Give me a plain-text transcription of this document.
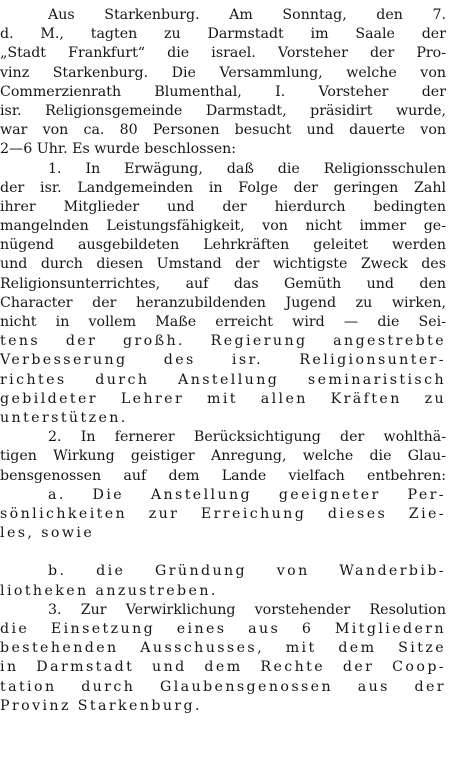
Aus Starkenburg. Am Sonntag, den 7.
d. M., tagten zu Darmstadt im Saale der
„Stadt Frankfurt“ die israel. Vorsteher der Pro-
vinz Starkenburg. Die Versammlung, welche von
Commerzienrath Blumenthal, I. Vorsteher der
isr. Religionsgemeinde Darmstadt, präsidirt wurde,
war von ca. 80 Personen besucht und dauerte von
2—6 Uhr. Es wurde beschlossen:
1. In Erwägung, daß die Religionsschulen
der isr. Landgemeinden in Folge der geringen Zahl
ihrer Mitglieder und der hierdurch bedingten
mangelnden Leistungsfähigkeit, von nicht immer ge-
nügend ausgebildeten Lehrkräften geleitet werden
und durch diesen Umstand der wichtigste Zweck des
Religionsunterrichtes, auf das Gemüth und den
Character der heranzubildenden Jugend zu wirken,
nicht in vollem Maße erreicht wird — die Sei-
tens der großh. Regierung angestrebte
Verbesserung des isr. Religionsunter-
richtes durch Anstellung seminaristisch
gebildeter Lehrer mit allen Kräften zu
unterstützen.
2. In fernerer Berücksichtigung der wohlthä-
tigen Wirkung geistiger Anregung, welche die Glau-
bensgenossen auf dem Lande vielfach entbehren:
a. Die Anstellung geeigneter Per-
sönlichkeiten zur Erreichung dieses Zie-
les, sowie
b. die Gründung von Wanderbib-
liotheken anzustreben.
3. Zur Verwirklichung vorstehender Resolution
die Einsetzung eines aus 6 Mitgliedern
bestehenden Ausschusses, mit dem Sitze
in Darmstadt und dem Rechte der Coop-
tation durch Glaubensgenossen aus der
Provinz Starkenburg.
